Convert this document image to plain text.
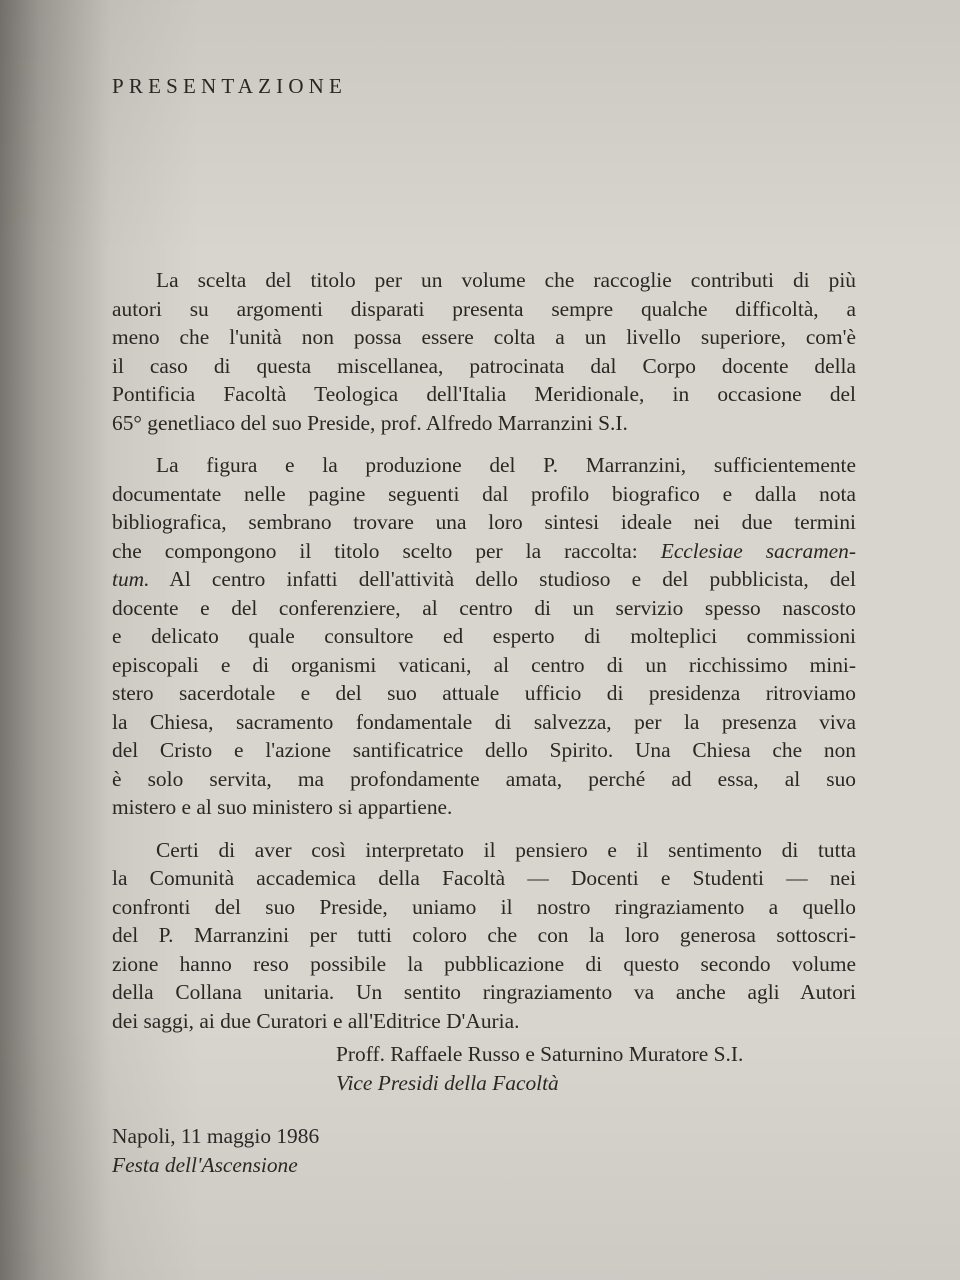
PRESENTAZIONE
La scelta del titolo per un volume che raccoglie contributi di più
autori su argomenti disparati presenta sempre qualche difficoltà, a
meno che l'unità non possa essere colta a un livello superiore, com'è
il caso di questa miscellanea, patrocinata dal Corpo docente della
Pontificia Facoltà Teologica dell'Italia Meridionale, in occasione del
65° genetliaco del suo Preside, prof. Alfredo Marranzini S.I.
La figura e la produzione del P. Marranzini, sufficientemente
documentate nelle pagine seguenti dal profilo biografico e dalla nota
bibliografica, sembrano trovare una loro sintesi ideale nei due termini
che compongono il titolo scelto per la raccolta: Ecclesiae sacramen-
tum. Al centro infatti dell'attività dello studioso e del pubblicista, del
docente e del conferenziere, al centro di un servizio spesso nascosto
e delicato quale consultore ed esperto di molteplici commissioni
episcopali e di organismi vaticani, al centro di un ricchissimo mini-
stero sacerdotale e del suo attuale ufficio di presidenza ritroviamo
la Chiesa, sacramento fondamentale di salvezza, per la presenza viva
del Cristo e l'azione santificatrice dello Spirito. Una Chiesa che non
è solo servita, ma profondamente amata, perché ad essa, al suo
mistero e al suo ministero si appartiene.
Certi di aver così interpretato il pensiero e il sentimento di tutta
la Comunità accademica della Facoltà — Docenti e Studenti — nei
confronti del suo Preside, uniamo il nostro ringraziamento a quello
del P. Marranzini per tutti coloro che con la loro generosa sottoscri-
zione hanno reso possibile la pubblicazione di questo secondo volume
della Collana unitaria. Un sentito ringraziamento va anche agli Autori
dei saggi, ai due Curatori e all'Editrice D'Auria.
Proff. Raffaele Russo e Saturnino Muratore S.I.
Vice Presidi della Facoltà
Napoli, 11 maggio 1986
Festa dell'Ascensione
